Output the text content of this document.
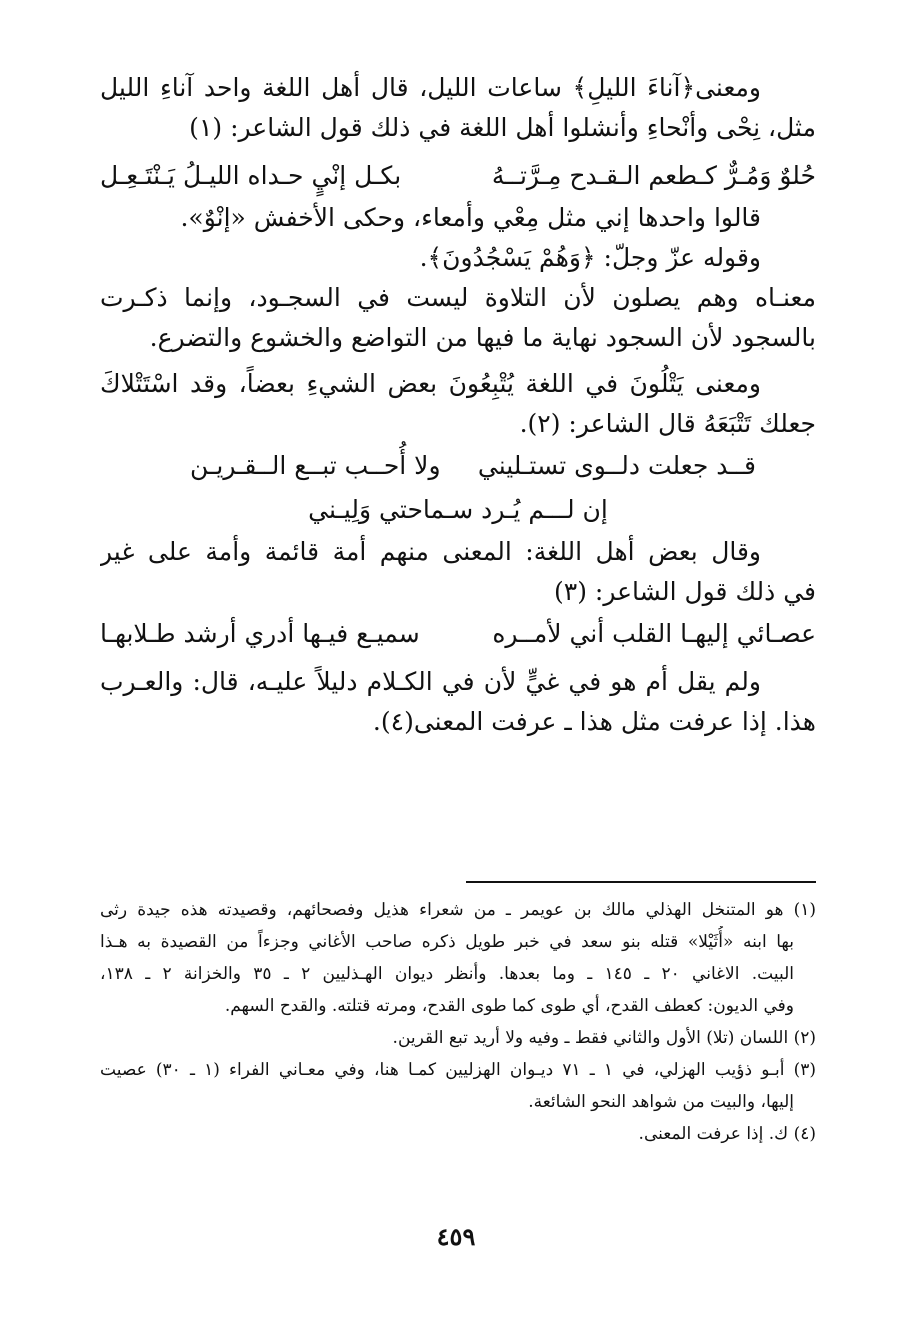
ومعنى﴿آناءَ الليلِ﴾ ساعات الليل، قال أهل اللغة واحد آناءِ الليل
مثل، نِحْى وأنْحاءِ وأنشلوا أهل اللغة في ذلك قول الشاعر: (١)
حُلوٌ وَمُـرٌّ كـطعم الـقـدح مِـرَّتــهُ
بكـل إنْيٍ حـداه الليـلُ يَـنْتَـعِـل
قالوا واحدها إني مثل مِعْي وأمعاء، وحكى الأخفش «إنْوٌ».
وقوله عزّ وجلّ: ﴿وَهُمْ يَسْجُدُونَ﴾.
معنـاه وهم يصلون لأن التلاوة ليست في السجـود، وإنما ذكـرت
بالسجود لأن السجود نهاية ما فيها من التواضع والخشوع والتضرع.
ومعنى يَتْلُونَ في اللغة يُتْبِعُونَ بعض الشيءِ بعضاً، وقد اسْتَتْلاكَ
جعلك تَتْبَعَهُ قال الشاعر: (٢).
قــد جعلت دلــوى تستـليني
ولا أُحــب تبــع الــقـريـن
إن لـــم يُـرد سـماحتي وَلِيـني
وقال بعض أهل اللغة: المعنى منهم أمة قائمة وأمة على غير
في ذلك قول الشاعر: (٣)
عصـائي إليهـا القلب أني لأمــره
سميـع فيـها أدري أرشد طـلابهـا
ولم يقل أم هو في غيٍّ لأن في الكـلام دليلاً عليـه، قال: والعـرب
هذا. إذا عرفت مثل هذا ـ عرفت المعنى(٤).
(١) هو المتنخل الهذلي مالك بن عويمر ـ من شعراء هذيل وفصحائهم، وقصيدته هذه جيدة رثى
بها ابنه «أُثَيْلا» قتله بنو سعد في خبر طويل ذكره صاحب الأغاني وجزءاً من القصيدة به هـذا
البيت. الاغاني ٢٠ ـ ١٤٥ ـ وما بعدها. وأنظر ديوان الهـذليين ٢ ـ ٣٥ والخزانة ٢ ـ ١٣٨،
وفي الديون: كعطف القدح، أي طوى كما طوى القدح، ومرته قتلته. والقدح السهم.
(٢) اللسان (تلا) الأول والثاني فقط ـ وفيه ولا أريد تبع القرين.
(٣) أبـو ذؤيب الهزلي، في ١ ـ ٧١ ديـوان الهزليين كمـا هنا، وفي معـاني الفراء (١ ـ ٣٠) عصيت
إليها، والبيت من شواهد النحو الشائعة.
(٤) ك. إذا عرفت المعنى.
٤٥٩
